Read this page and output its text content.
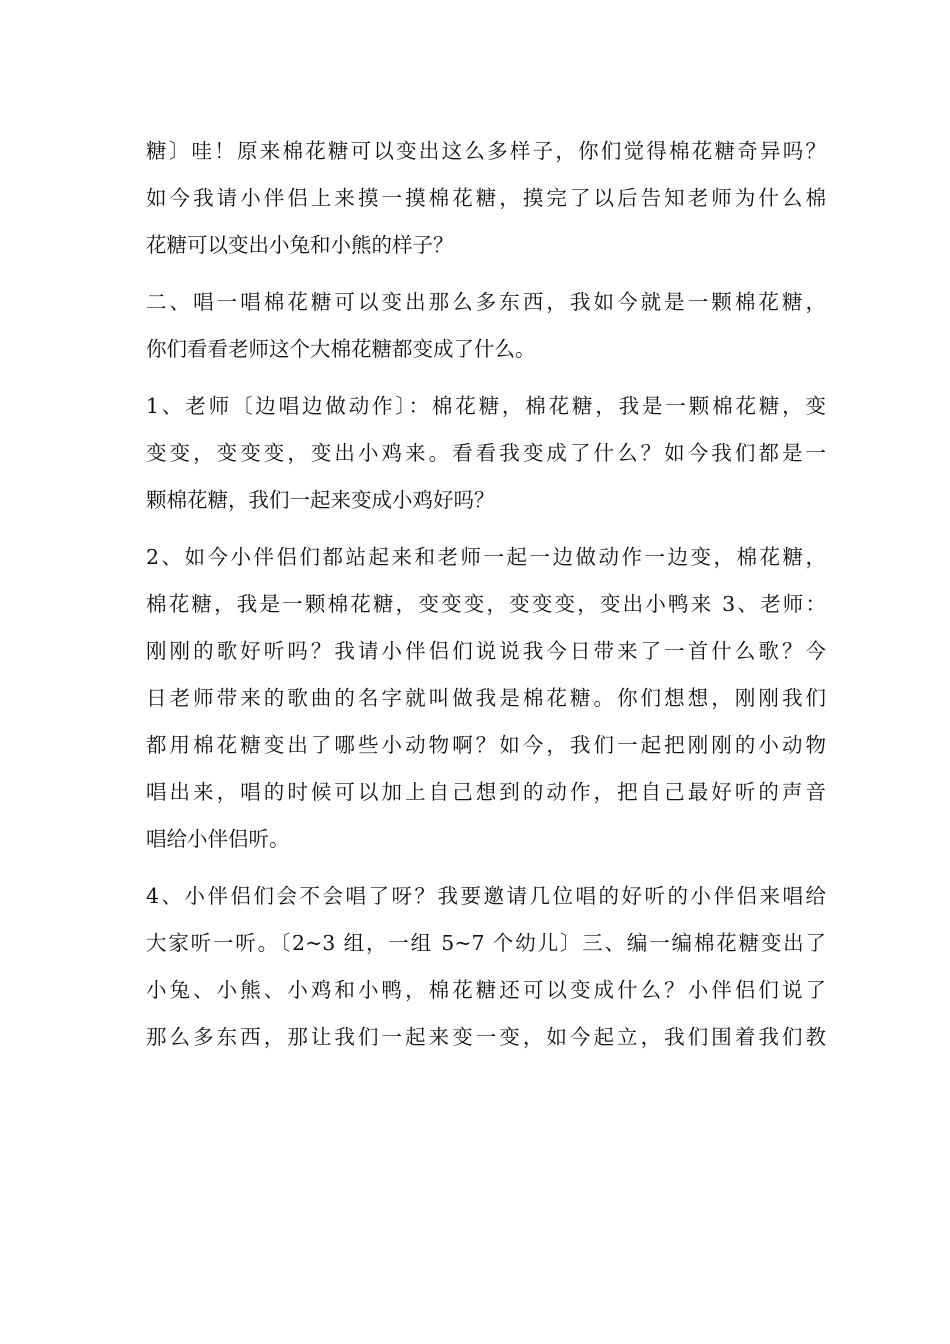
糖〕哇！原来棉花糖可以变出这么多样子，你们觉得棉花糖奇异吗？

如今我请小伴侣上来摸一摸棉花糖，摸完了以后告知老师为什么棉

花糖可以变出小兔和小熊的样子？

二、唱一唱棉花糖可以变出那么多东西，我如今就是一颗棉花糖，

你们看看老师这个大棉花糖都变成了什么。

1、老师〔边唱边做动作〕：棉花糖，棉花糖，我是一颗棉花糖，变

变变，变变变，变出小鸡来。看看我变成了什么？如今我们都是一

颗棉花糖，我们一起来变成小鸡好吗？

2、如今小伴侣们都站起来和老师一起一边做动作一边变，棉花糖，

棉花糖，我是一颗棉花糖，变变变，变变变，变出小鸭来 3、老师：

刚刚的歌好听吗？我请小伴侣们说说我今日带来了一首什么歌？今

日老师带来的歌曲的名字就叫做我是棉花糖。你们想想，刚刚我们

都用棉花糖变出了哪些小动物啊？如今，我们一起把刚刚的小动物

唱出来，唱的时候可以加上自己想到的动作，把自己最好听的声音

唱给小伴侣听。

4、小伴侣们会不会唱了呀？我要邀请几位唱的好听的小伴侣来唱给

大家听一听。〔2~3 组，一组 5~7 个幼儿〕三、编一编棉花糖变出了

小兔、小熊、小鸡和小鸭，棉花糖还可以变成什么？小伴侣们说了

那么多东西，那让我们一起来变一变，如今起立，我们围着我们教
